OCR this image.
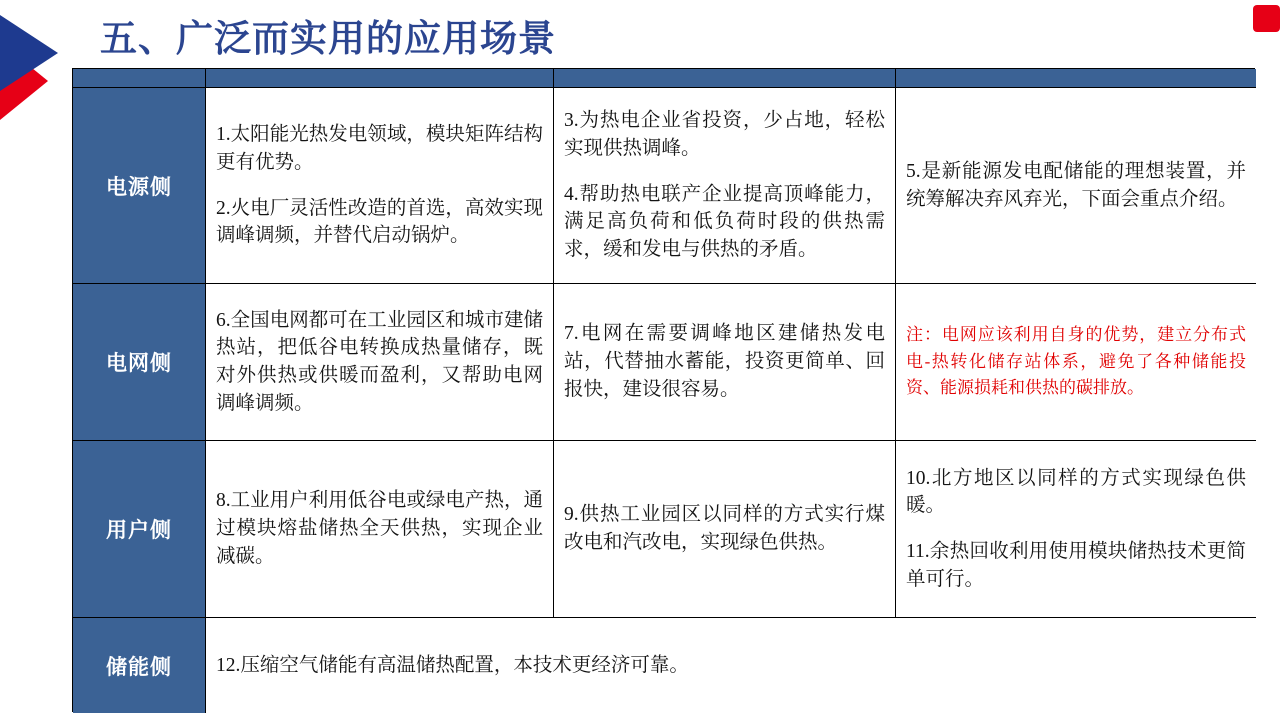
五、广泛而实用的应用场景
电源侧

1.太阳能光热发电领域，模块矩阵结构更有优势。

2.火电厂灵活性改造的首选，高效实现调峰调频，并替代启动锅炉。

3.为热电企业省投资，少占地，轻松实现供热调峰。

4.帮助热电联产企业提高顶峰能力，满足高负荷和低负荷时段的供热需求，缓和发电与供热的矛盾。

5.是新能源发电配储能的理想装置，并统筹解决弃风弃光，下面会重点介绍。

电网侧

6.全国电网都可在工业园区和城市建储热站，把低谷电转换成热量储存，既对外供热或供暖而盈利，又帮助电网调峰调频。

7.电网在需要调峰地区建储热发电站，代替抽水蓄能，投资更简单、回报快，建设很容易。

注：电网应该利用自身的优势，建立分布式电-热转化储存站体系，避免了各种储能投资、能源损耗和供热的碳排放。

用户侧

8.工业用户利用低谷电或绿电产热，通过模块熔盐储热全天供热，实现企业减碳。

9.供热工业园区以同样的方式实行煤改电和汽改电，实现绿色供热。

10.北方地区以同样的方式实现绿色供暖。

11.余热回收利用使用模块储热技术更简单可行。

储能侧	12.压缩空气储能有高温储热配置，本技术更经济可靠。
